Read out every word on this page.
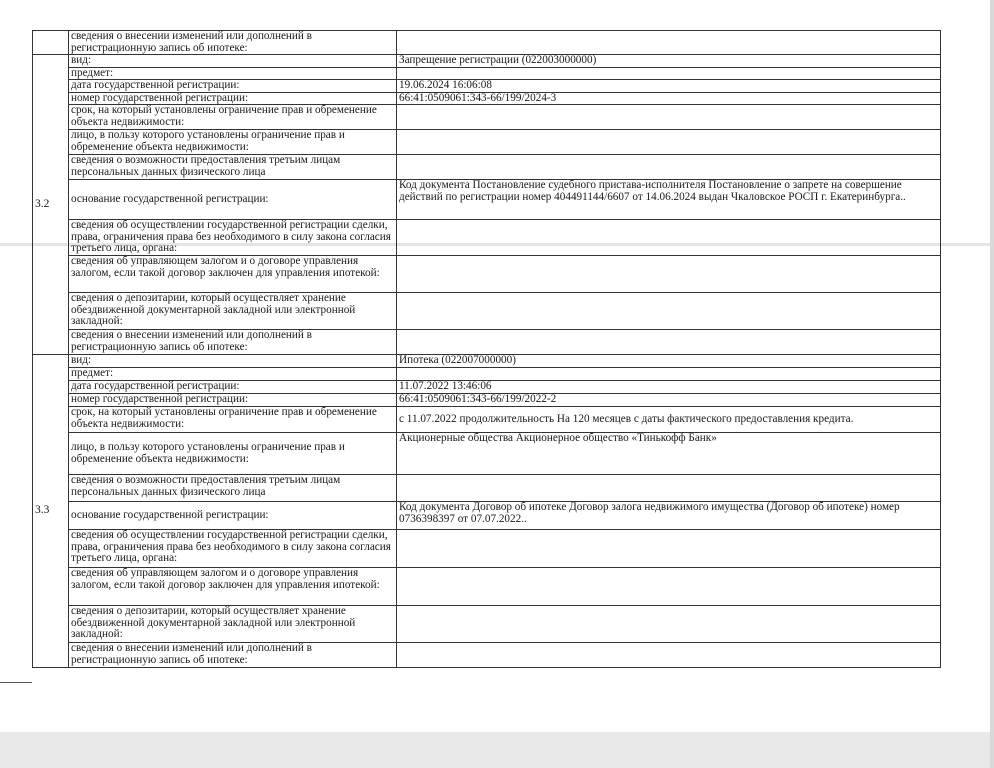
	сведения о внесении изменений или дополнений в регистрационную запись об ипотеке:	
3.2	вид:	Запрещение регистрации (022003000000)
	предмет:	
	дата государственной регистрации:	19.06.2024 16:06:08
	номер государственной регистрации:	66:41:0509061:343-66/199/2024-3
	срок, на который установлены ограничение прав и обременение объекта недвижимости:	
	лицо, в пользу которого установлены ограничение прав и обременение объекта недвижимости:	
	сведения о возможности предоставления третьим лицам персональных данных физического лица	
	основание государственной регистрации:	Код документа Постановление судебного пристава-исполнителя Постановление о запрете на совершение действий по регистрации номер 404491144/6607 от 14.06.2024 выдан Чкаловское РОСП г. Екатеринбурга..
	сведения об осуществлении государственной регистрации сделки, права, ограничения права без необходимого в силу закона согласия третьего лица, органа:	
	сведения об управляющем залогом и о договоре управления залогом, если такой договор заключен для управления ипотекой:	
	сведения о депозитарии, который осуществляет хранение обездвиженной документарной закладной или электронной закладной:	
	сведения о внесении изменений или дополнений в регистрационную запись об ипотеке:	
3.3	вид:	Ипотека (022007000000)
	предмет:	
	дата государственной регистрации:	11.07.2022 13:46:06
	номер государственной регистрации:	66:41:0509061:343-66/199/2022-2
	срок, на который установлены ограничение прав и обременение объекта недвижимости:	с 11.07.2022 продолжительность На 120 месяцев с даты фактического предоставления кредита.
	лицо, в пользу которого установлены ограничение прав и обременение объекта недвижимости:	Акционерные общества Акционерное общество «Тинькофф Банк»
	сведения о возможности предоставления третьим лицам персональных данных физического лица	
	основание государственной регистрации:	Код документа Договор об ипотеке Договор залога недвижимого имущества (Договор об ипотеке) номер 0736398397 от 07.07.2022..
	сведения об осуществлении государственной регистрации сделки, права, ограничения права без необходимого в силу закона согласия третьего лица, органа:	
	сведения об управляющем залогом и о договоре управления залогом, если такой договор заключен для управления ипотекой:	
	сведения о депозитарии, который осуществляет хранение обездвиженной документарной закладной или электронной закладной:	
	сведения о внесении изменений или дополнений в регистрационную запись об ипотеке:	
